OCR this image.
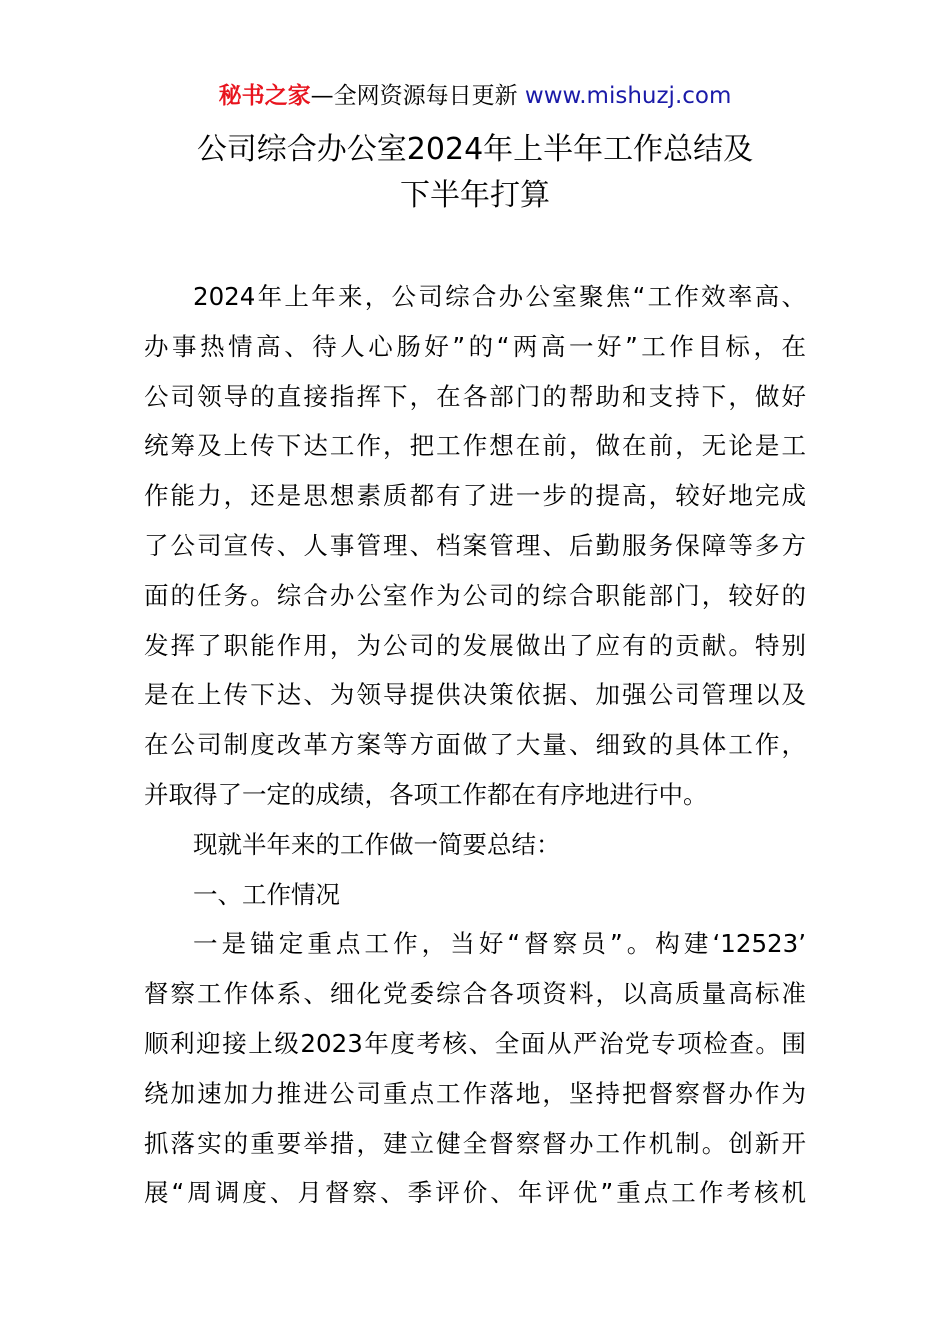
秘书之家—全网资源每日更新 www.mishuzj.com
公司综合办公室2024年上半年工作总结及
下半年打算
2024年上年来，公司综合办公室聚焦“工作效率高、
办事热情高、待人心肠好”的“两高一好”工作目标，在
公司领导的直接指挥下，在各部门的帮助和支持下，做好
统筹及上传下达工作，把工作想在前，做在前，无论是工
作能力，还是思想素质都有了进一步的提高，较好地完成
了公司宣传、人事管理、档案管理、后勤服务保障等多方
面的任务。综合办公室作为公司的综合职能部门，较好的
发挥了职能作用，为公司的发展做出了应有的贡献。特别
是在上传下达、为领导提供决策依据、加强公司管理以及
在公司制度改革方案等方面做了大量、细致的具体工作，
并取得了一定的成绩，各项工作都在有序地进行中。
现就半年来的工作做一简要总结：
一、工作情况
一是锚定重点工作，当好“督察员”。构建‘12523’
督察工作体系、细化党委综合各项资料，以高质量高标准
顺利迎接上级2023年度考核、全面从严治党专项检查。围
绕加速加力推进公司重点工作落地，坚持把督察督办作为
抓落实的重要举措，建立健全督察督办工作机制。创新开
展“周调度、月督察、季评价、年评优”重点工作考核机
